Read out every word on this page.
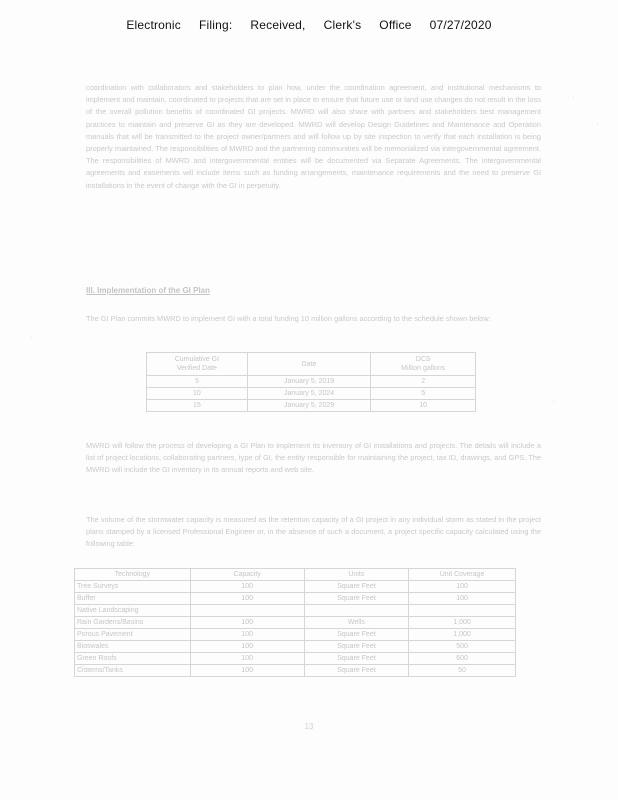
Electronic Filing: Received, Clerk's Office 07/27/2020
coordination with collaborators and stakeholders to plan how, under the coordination agreement, and institutional mechanisms to implement and maintain, coordinated to projects that are set in place to ensure that future use or land use changes do not result in the loss of the overall pollution benefits of coordinated GI projects. MWRD will also share with partners and stakeholders best management practices to maintain and preserve GI as they are developed. MWRD will develop Design Guidelines and Maintenance and Operation manuals that will be transmitted to the project owner/partners and will follow up by site inspection to verify that each installation is being properly maintained. The responsibilities of MWRD and the partnering communities will be memorialized via intergovernmental agreement. The responsibilities of MWRD and intergovernmental entities will be documented via Separate Agreements. The intergovernmental agreements and easements will include items such as funding arrangements, maintenance requirements and the need to preserve GI installations in the event of change with the GI in perpetuity.
III. Implementation of the GI Plan
The GI Plan commits MWRD to implement GI with a total funding 10 million gallons according to the schedule shown below:
Cumulative GI
Verified Date	Date	DCS
Million gallons
5	January 5, 2019	2
10	January 5, 2024	5
15	January 5, 2029	10
MWRD will follow the process of developing a GI Plan to implement its inventory of GI installations and projects. The details will include a list of project locations, collaborating partners, type of GI, the entity responsible for maintaining the project, tax ID, drawings, and GPS. The MWRD will include the GI inventory in its annual reports and web site.
The volume of the stormwater capacity is measured as the retention capacity of a GI project in any individual storm as stated in the project plans stamped by a licensed Professional Engineer or, in the absence of such a document, a project specific capacity calculated using the following table:
Technology	Capacity	Units	Unit Coverage
Tree Surveys	100	Square Feet	100
Buffer	100	Square Feet	100
Native Landscaping			
Rain Gardens/Basins	100	Wells	1,000
Porous Pavement	100	Square Feet	1,000
Bioswales	100	Square Feet	500
Green Roofs	100	Square Feet	600
Cisterns/Tanks	100	Square Feet	50
13
·
·
·
·
